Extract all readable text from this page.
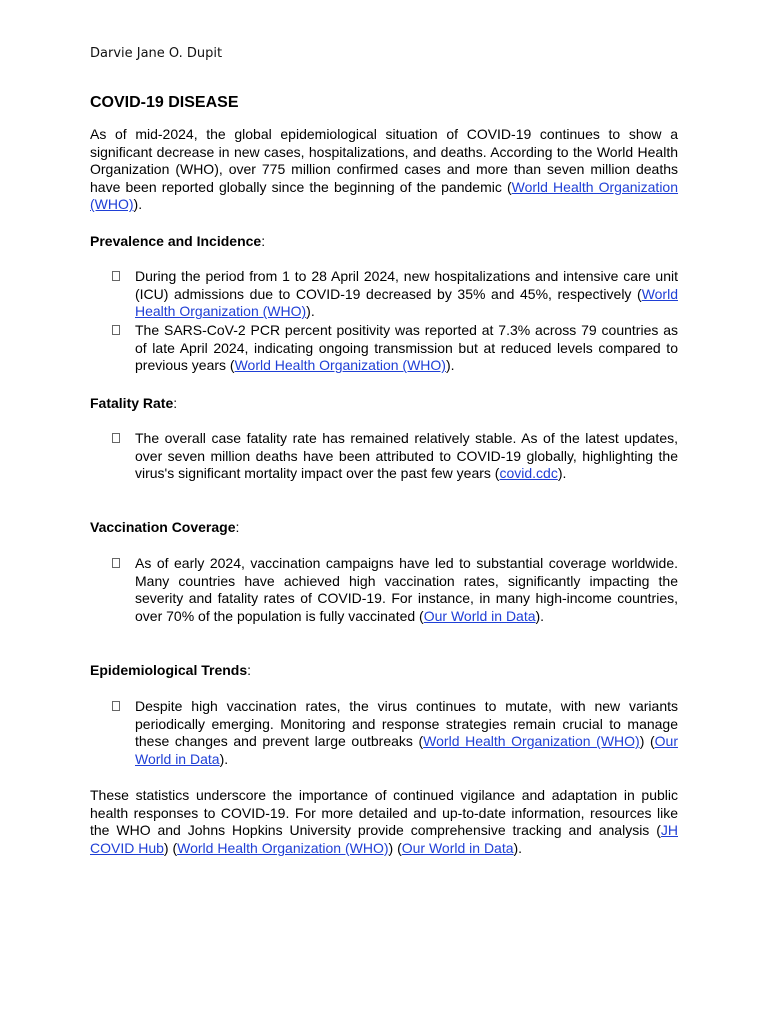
Darvie Jane O. Dupit
COVID-19 DISEASE

As of mid-2024, the global epidemiological situation of COVID-19 continues to show a significant decrease in new cases, hospitalizations, and deaths. According to the World Health Organization (WHO), over 775 million confirmed cases and more than seven million deaths have been reported globally since the beginning of the pandemic (World Health Organization (WHO)).

Prevalence and Incidence:

During the period from 1 to 28 April 2024, new hospitalizations and intensive care unit (ICU) admissions due to COVID-19 decreased by 35% and 45%, respectively (World Health Organization (WHO)).
The SARS-CoV-2 PCR percent positivity was reported at 7.3% across 79 countries as of late April 2024, indicating ongoing transmission but at reduced levels compared to previous years (World Health Organization (WHO)).

Fatality Rate:

The overall case fatality rate has remained relatively stable. As of the latest updates, over seven million deaths have been attributed to COVID-19 globally, highlighting the virus's significant mortality impact over the past few years (covid.cdc).

Vaccination Coverage:

As of early 2024, vaccination campaigns have led to substantial coverage worldwide. Many countries have achieved high vaccination rates, significantly impacting the severity and fatality rates of COVID-19. For instance, in many high-income countries, over 70% of the population is fully vaccinated (Our World in Data).

Epidemiological Trends:

Despite high vaccination rates, the virus continues to mutate, with new variants periodically emerging. Monitoring and response strategies remain crucial to manage these changes and prevent large outbreaks (World Health Organization (WHO)) (Our World in Data).

These statistics underscore the importance of continued vigilance and adaptation in public health responses to COVID-19. For more detailed and up-to-date information, resources like the WHO and Johns Hopkins University provide comprehensive tracking and analysis (JH COVID Hub) (World Health Organization (WHO)) (Our World in Data).
